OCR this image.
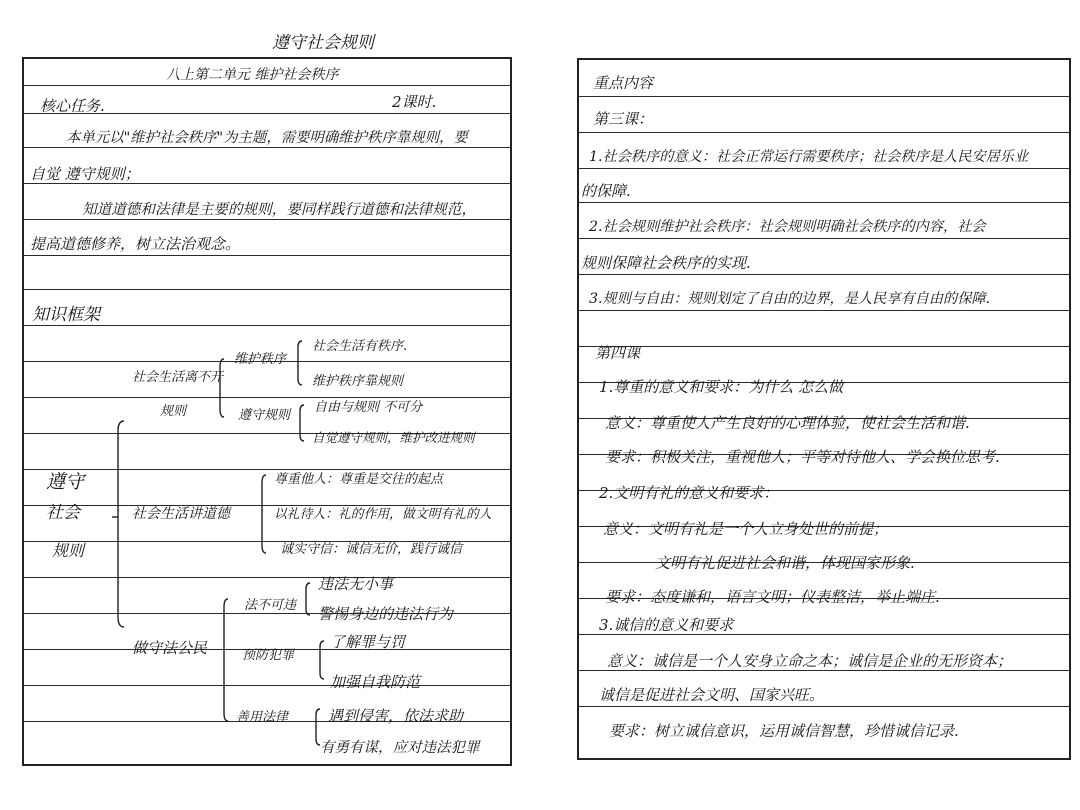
遵守社会规则
八上第二单元 维护社会秩序
核心任务.	2课时.
本单元以"维护社会秩序"为主题，需要明确维护秩序靠规则，要
自觉 遵守规则；
知道道德和法律是主要的规则，要同样践行道德和法律规范，
提高道德修养，树立法治观念。
知识框架
遵守
社会
规则
社会生活离不开
规则
维护秩序
社会生活有秩序.
维护秩序靠规则
遵守规则
自由与规则 不可分
自觉遵守规则，维护改进规则
社会生活讲道德
尊重他人：尊重是交往的起点
以礼待人：礼的作用，做文明有礼的人
诚实守信：诚信无价，践行诚信
做守法公民
法不可违
违法无小事
警惕身边的违法行为
预防犯罪
了解罪与罚
加强自我防范
善用法律	遇到侵害，依法求助
有勇有谋，应对违法犯罪
重点内容
第三课：
1.社会秩序的意义：社会正常运行需要秩序；社会秩序是人民安居乐业
的保障.
2.社会规则维护社会秩序：社会规则明确社会秩序的内容，社会
规则保障社会秩序的实现.
3.规则与自由：规则划定了自由的边界，是人民享有自由的保障.
第四课
1.尊重的意义和要求：为什么 怎么做
意义：尊重使人产生良好的心理体验，使社会生活和谐.
要求：积极关注，重视他人；平等对待他人、学会换位思考.
2.文明有礼的意义和要求：
意义：文明有礼是一个人立身处世的前提；
文明有礼促进社会和谐，体现国家形象.
要求：态度谦和，语言文明；仪表整洁，举止端庄.
3.诚信的意义和要求
意义：诚信是一个人安身立命之本；诚信是企业的无形资本；
诚信是促进社会文明、国家兴旺。
要求：树立诚信意识，运用诚信智慧，珍惜诚信记录.
